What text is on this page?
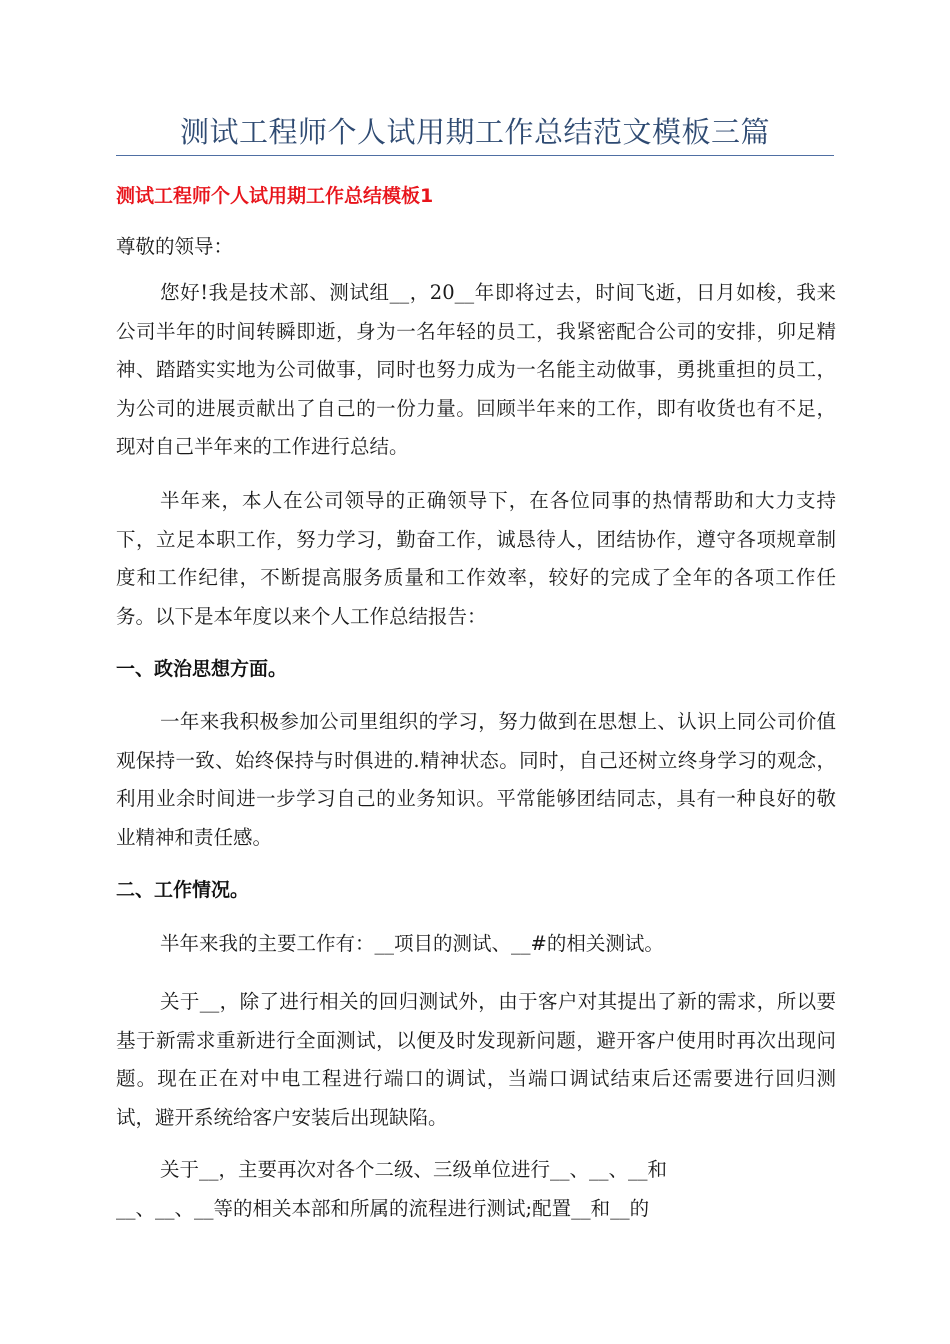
测试工程师个人试用期工作总结范文模板三篇
测试工程师个人试用期工作总结模板1

尊敬的领导：

您好!我是技术部、测试组__，20__年即将过去，时间飞逝，日月如梭，我来公司半年的时间转瞬即逝，身为一名年轻的员工，我紧密配合公司的安排，卯足精神、踏踏实实地为公司做事，同时也努力成为一名能主动做事，勇挑重担的员工，为公司的进展贡献出了自己的一份力量。回顾半年来的工作，即有收货也有不足，现对自己半年来的工作进行总结。

半年来，本人在公司领导的正确领导下，在各位同事的热情帮助和大力支持下，立足本职工作，努力学习，勤奋工作，诚恳待人，团结协作，遵守各项规章制度和工作纪律，不断提高服务质量和工作效率，较好的完成了全年的各项工作任务。以下是本年度以来个人工作总结报告：

一、政治思想方面。

一年来我积极参加公司里组织的学习，努力做到在思想上、认识上同公司价值观保持一致、始终保持与时俱进的.精神状态。同时，自己还树立终身学习的观念，利用业余时间进一步学习自己的业务知识。平常能够团结同志，具有一种良好的敬业精神和责任感。

二、工作情况。

半年来我的主要工作有：__项目的测试、__#的相关测试。

关于__，除了进行相关的回归测试外，由于客户对其提出了新的需求，所以要基于新需求重新进行全面测试，以便及时发现新问题，避开客户使用时再次出现问题。现在正在对中电工程进行端口的调试，当端口调试结束后还需要进行回归测试，避开系统给客户安装后出现缺陷。

关于__，主要再次对各个二级、三级单位进行__、__、__和

__、__、__等的相关本部和所属的流程进行测试;配置__和__的
